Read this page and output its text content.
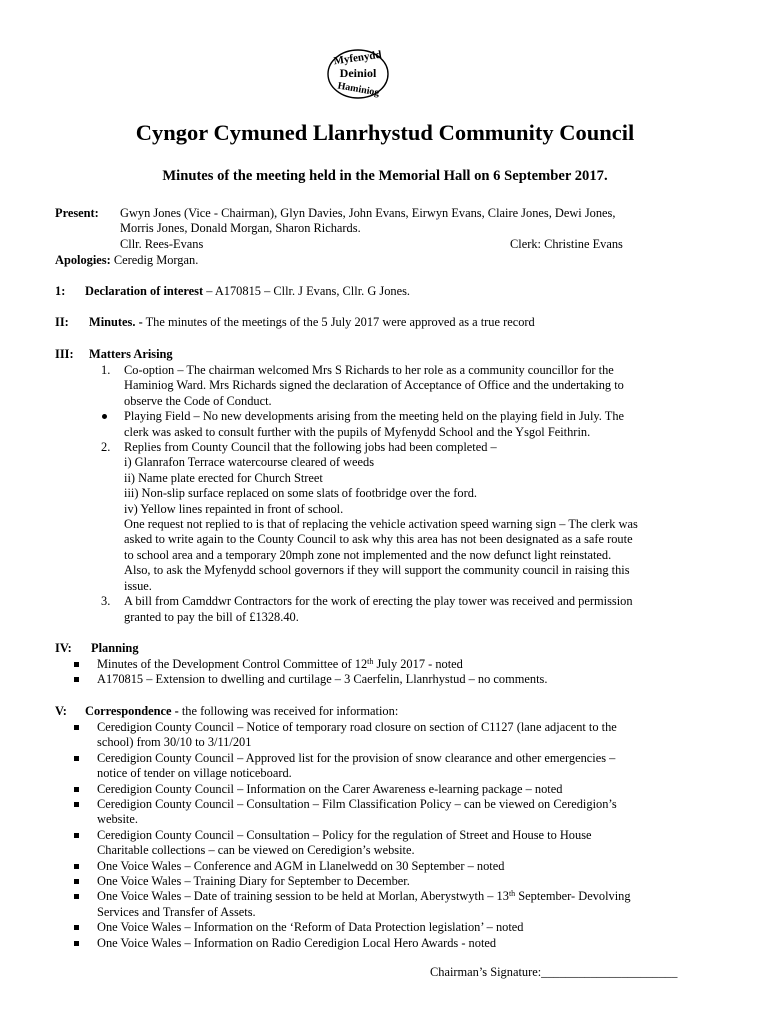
Myfenydd
Deiniol
Haminiog
Cyngor Cymuned Llanrhystud Community Council
Minutes of the meeting held in the Memorial Hall on 6 September 2017.
Present: Gwyn Jones (Vice - Chairman), Glyn Davies, John Evans, Eirwyn Evans, Claire Jones, Dewi Jones,
Morris Jones, Donald Morgan, Sharon Richards.
Cllr. Rees-Evans	Clerk: Christine Evans
Apologies: Ceredig Morgan.
1: Declaration of interest – A170815 – Cllr. J Evans, Cllr. G Jones.
II: Minutes. - The minutes of the meetings of the 5 July 2017 were approved as a true record
III: Matters Arising
1. Co-option – The chairman welcomed Mrs S Richards to her role as a community councillor for the
Haminiog Ward. Mrs Richards signed the declaration of Acceptance of Office and the undertaking to
observe the Code of Conduct.
Playing Field – No new developments arising from the meeting held on the playing field in July. The
clerk was asked to consult further with the pupils of Myfenydd School and the Ysgol Feithrin.
2. Replies from County Council that the following jobs had been completed –
i) Glanrafon Terrace watercourse cleared of weeds
ii) Name plate erected for Church Street
iii) Non-slip surface replaced on some slats of footbridge over the ford.
iv) Yellow lines repainted in front of school.
One request not replied to is that of replacing the vehicle activation speed warning sign – The clerk was
asked to write again to the County Council to ask why this area has not been designated as a safe route
to school area and a temporary 20mph zone not implemented and the now defunct light reinstated.
Also, to ask the Myfenydd school governors if they will support the community council in raising this
issue.
3. A bill from Camddwr Contractors for the work of erecting the play tower was received and permission
granted to pay the bill of £1328.40.
IV: Planning
Minutes of the Development Control Committee of 12th July 2017 - noted
A170815 – Extension to dwelling and curtilage – 3 Caerfelin, Llanrhystud – no comments.
V: Correspondence - the following was received for information:
Ceredigion County Council – Notice of temporary road closure on section of C1127 (lane adjacent to the
school) from 30/10 to 3/11/201
Ceredigion County Council – Approved list for the provision of snow clearance and other emergencies –
notice of tender on village noticeboard.
Ceredigion County Council – Information on the Carer Awareness e-learning package – noted
Ceredigion County Council – Consultation – Film Classification Policy – can be viewed on Ceredigion’s
website.
Ceredigion County Council – Consultation – Policy for the regulation of Street and House to House
Charitable collections – can be viewed on Ceredigion’s website.
One Voice Wales – Conference and AGM in Llanelwedd on 30 September – noted
One Voice Wales – Training Diary for September to December.
One Voice Wales – Date of training session to be held at Morlan, Aberystwyth – 13th September- Devolving
Services and Transfer of Assets.
One Voice Wales – Information on the ‘Reform of Data Protection legislation’ – noted
One Voice Wales – Information on Radio Ceredigion Local Hero Awards - noted
Chairman’s Signature:______________________
